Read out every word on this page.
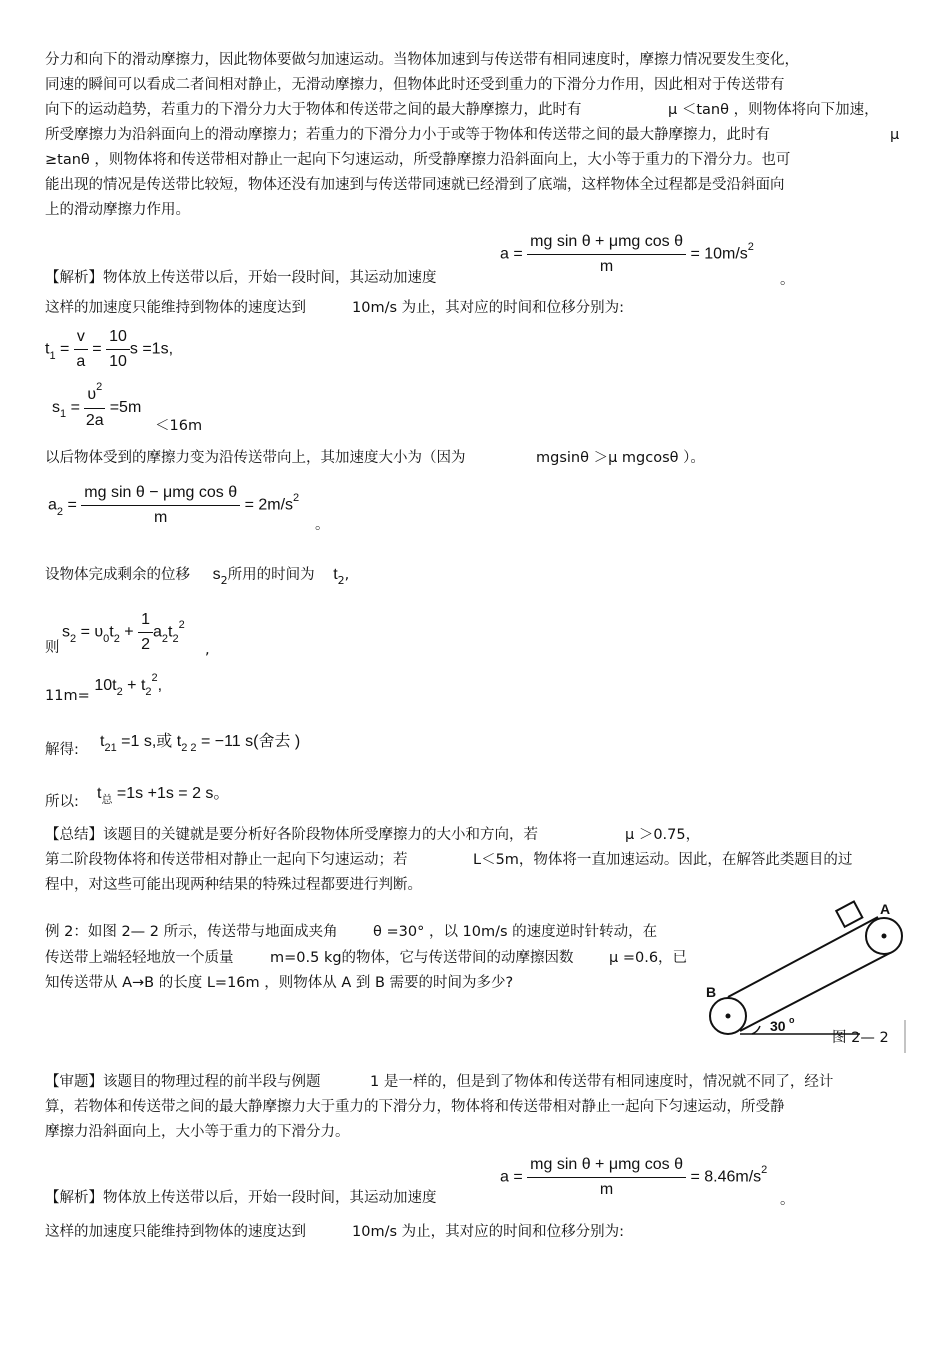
分力和向下的滑动摩擦力，因此物体要做匀加速运动。当物体加速到与传送带有相同速度时，摩擦力情况要发生变化，
同速的瞬间可以看成二者间相对静止，无滑动摩擦力，但物体此时还受到重力的下滑分力作用，因此相对于传送带有
向下的运动趋势，若重力的下滑分力大于物体和传送带之间的最大静摩擦力，此时有	μ ＜tanθ ，则物体将向下加速，
所受摩擦力为沿斜面向上的滑动摩擦力；若重力的下滑分力小于或等于物体和传送带之间的最大静摩擦力，此时有	μ
≥tanθ ，则物体将和传送带相对静止一起向下匀速运动，所受静摩擦力沿斜面向上，大小等于重力的下滑分力。也可
能出现的情况是传送带比较短，物体还没有加速到与传送带同速就已经滑到了底端，这样物体全过程都是受沿斜面向
上的滑动摩擦力作用。
$a = \frac{\text{mg sin θ + μmg cos θ}}{m} = 10m/s^2$
【解析】物体放上传送带以后，开始一段时间，其运动加速度	。
这样的加速度只能维持到物体的速度达到	10m/s 为止，其对应的时间和位移分别为:
$t_1 = \frac{v}{a} = \frac{10}{10}$ s =1s,
$s_1 = \frac{\upsilon^2}{2a} =5m$
＜16m
以后物体受到的摩擦力变为沿传送带向上，其加速度大小为（因为	mgsinθ ＞μ mgcosθ ）。
$a_2 = \frac{\text{mg sin θ − μmg cos θ}}{m} = 2m/s^2$
。
设物体完成剩余的位移 $s_2$所用的时间为 $t_2$,
$s_2 = \upsilon_0t_2 + \frac{1}{2} a_2t_2^2$
则	,
$11m= 10t_2 + t_2^2$,
解得: $t_{21} =1$ s,或 $t_{2 2} = -11$ s(舍去 )
所以: $t_总 =1s +1s = 2$ s。
【总结】该题目的关键就是要分析好各阶段物体所受摩擦力的大小和方向，若	μ ＞0.75，
第二阶段物体将和传送带相对静止一起向下匀速运动；若	L＜5m，物体将一直加速运动。因此，在解答此类题目的过
程中，对这些可能出现两种结果的特殊过程都要进行判断。
例 2：如图 2— 2 所示，传送带与地面成夹角 θ =30° ，以 10m/s 的速度逆时针转动，在
传送带上端轻轻地放一个质量	m=0.5 kg的物体，它与传送带间的动摩擦因数 μ =0.6，已
知传送带从 A→B 的长度 L=16m ，则物体从 A 到 B 需要的时间为多少?
A
B
30 o
图 2— 2
【审题】该题目的物理过程的前半段与例题	1 是一样的，但是到了物体和传送带有相同速度时，情况就不同了，经计
算，若物体和传送带之间的最大静摩擦力大于重力的下滑分力，物体将和传送带相对静止一起向下匀速运动，所受静
摩擦力沿斜面向上，大小等于重力的下滑分力。
$a = \frac{\text{mg sin θ + μmg cos θ}}{m} = 8.46m/s^2$
【解析】物体放上传送带以后，开始一段时间，其运动加速度	。
这样的加速度只能维持到物体的速度达到	10m/s 为止，其对应的时间和位移分别为:
